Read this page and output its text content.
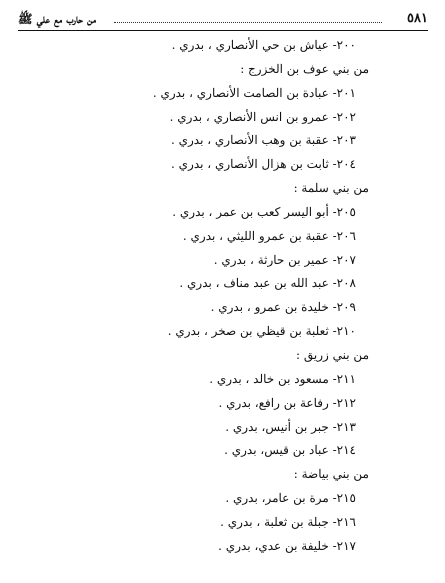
٥٨١
من حارب مع علي ﷺ
٢٠٠- عياش بن حي الأنصاري ، بدري .
من بني عوف بن الخزرج :
٢٠١- عبادة بن الصامت الأنصاري ، بدري .
٢٠٢- عمرو بن انس الأنصاري ، بدري .
٢٠٣- عقبة بن وهب الأنصاري ، بدري .
٢٠٤- ثابت بن هزال الأنصاري ، بدري .
من بني سلمة :
٢٠٥- أبو اليسر كعب بن عمر ، بدري .
٢٠٦- عقبة بن عمرو الليثي ، بدري .
٢٠٧- عمير بن حارثة ، بدري .
٢٠٨- عبد الله بن عبد مناف ، بدري .
٢٠٩- خليدة بن عمرو ، بدري .
٢١٠- ثعلبة بن قيظي بن صخر ، بدري .
من بني زريق :
٢١١- مسعود بن خالد ، بدري .
٢١٢- رفاعة بن رافع، بدري .
٢١٣- جبر بن أنيس، بدري .
٢١٤- عباد بن قيس، بدري .
من بني بياضة :
٢١٥- مرة بن عامر، بدري .
٢١٦- جبلة بن ثعلبة ، بدري .
٢١٧- خليفة بن عدي، بدري .
